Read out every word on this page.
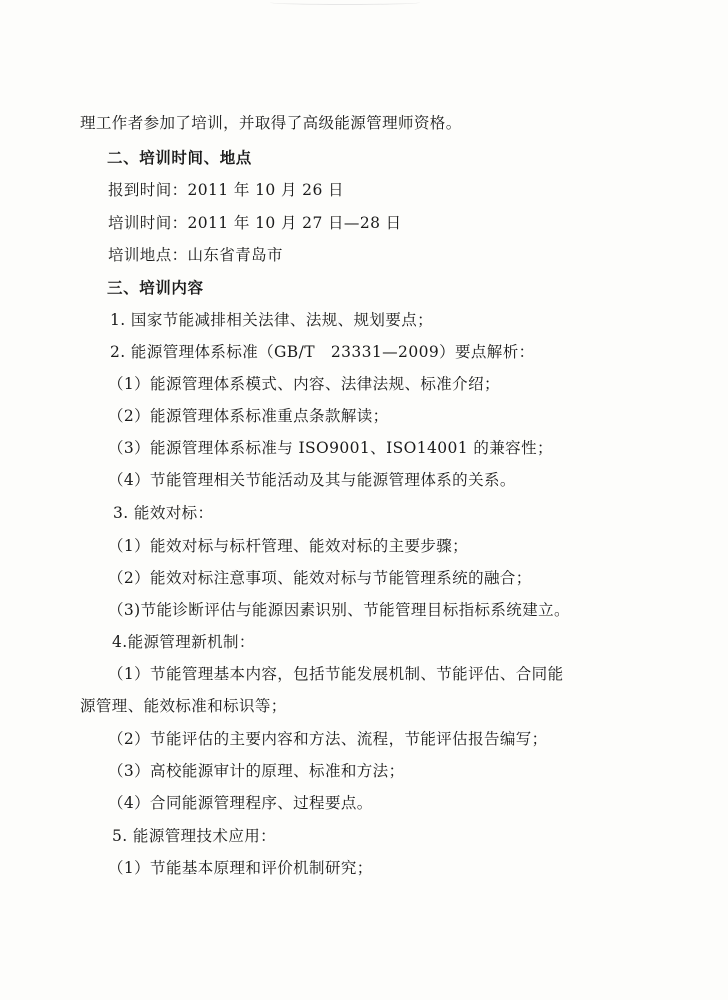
理工作者参加了培训，并取得了高级能源管理师资格。
二、培训时间、地点
报到时间：2011 年 10 月 26 日
培训时间：2011 年 10 月 27 日—28 日
培训地点：山东省青岛市
三、培训内容
1. 国家节能减排相关法律、法规、规划要点；
2. 能源管理体系标准（GB/T　23331—2009）要点解析：
（1）能源管理体系模式、内容、法律法规、标准介绍；
（2）能源管理体系标准重点条款解读；
（3）能源管理体系标准与 ISO9001、ISO14001 的兼容性；
（4）节能管理相关节能活动及其与能源管理体系的关系。
3. 能效对标：
（1）能效对标与标杆管理、能效对标的主要步骤；
（2）能效对标注意事项、能效对标与节能管理系统的融合；
（3)节能诊断评估与能源因素识别、节能管理目标指标系统建立。
4.能源管理新机制：
（1）节能管理基本内容，包括节能发展机制、节能评估、合同能
源管理、能效标准和标识等；
（2）节能评估的主要内容和方法、流程，节能评估报告编写；
（3）高校能源审计的原理、标准和方法；
（4）合同能源管理程序、过程要点。
5. 能源管理技术应用：
（1）节能基本原理和评价机制研究；
